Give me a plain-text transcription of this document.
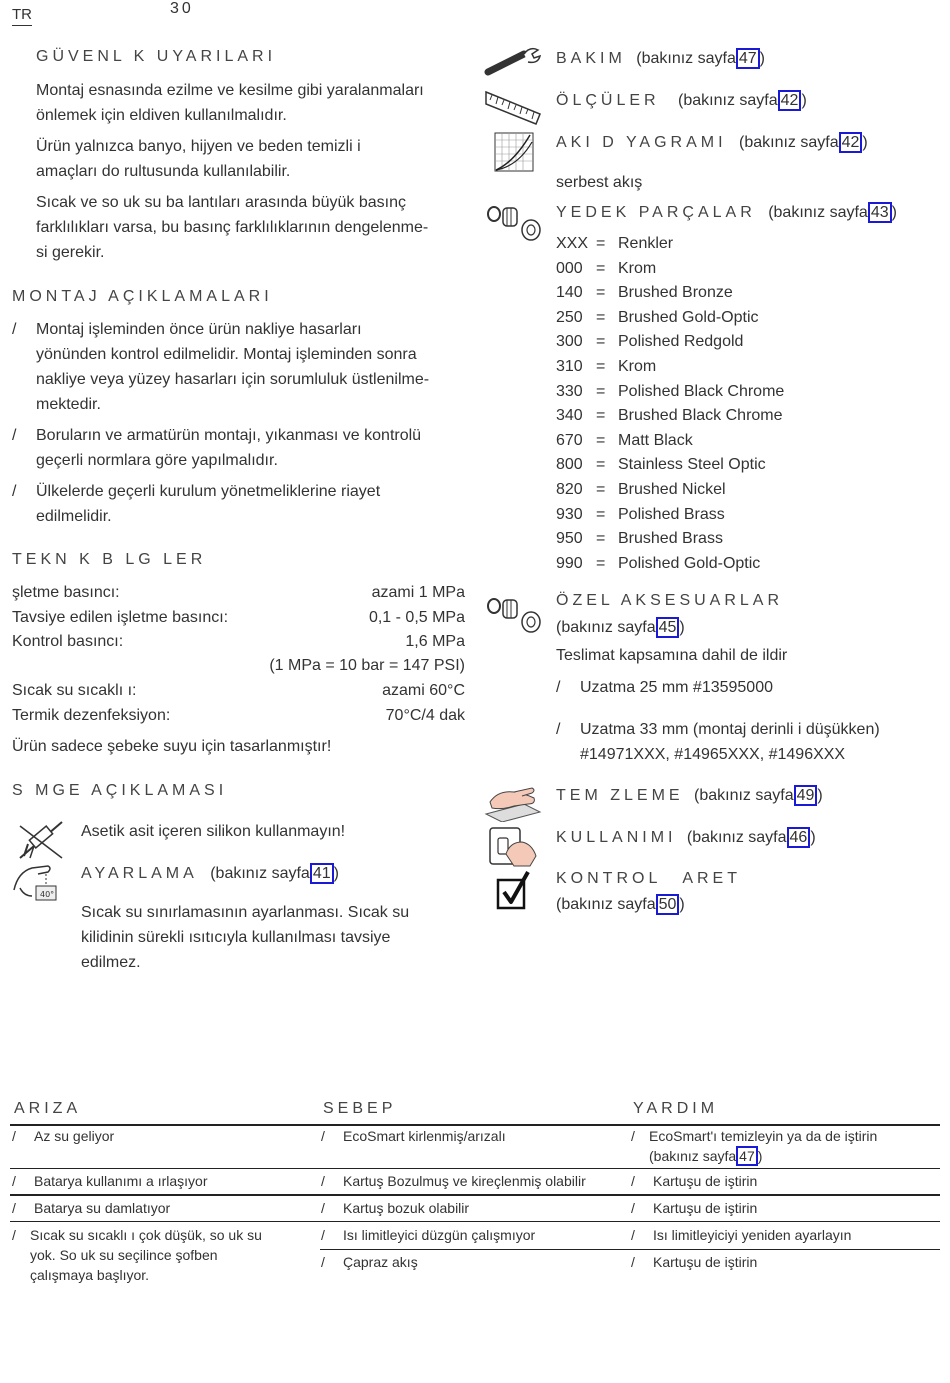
TR	30
GÜVENL K UYARILARI
Montaj esnasında ezilme ve kesilme gibi yaralanmaları
önlemek için eldiven kullanılmalıdır.
Ürün yalnızca banyo, hijyen ve beden temizli i
amaçları do rultusunda kullanılabilir.
Sıcak ve so uk su ba lantıları arasında büyük basınç
farklılıkları varsa, bu basınç farklılıklarının dengelenme-
si gerekir.
MONTAJ AÇIKLAMALARI
/	Montaj işleminden önce ürün nakliye hasarları
yönünden kontrol edilmelidir. Montaj işleminden sonra
nakliye veya yüzey hasarları için sorumluluk üstlenilme-
mektedir.
/	Boruların ve armatürün montajı, yıkanması ve kontrolü
geçerli normlara göre yapılmalıdır.
/	Ülkelerde geçerli kurulum yönetmeliklerine riayet
edilmelidir.
TEKN K B LG LER
şletme basıncı:	azami 1 MPa
Tavsiye edilen işletme basıncı:	0,1 - 0,5 MPa
Kontrol basıncı:	1,6 MPa
(1 MPa = 10 bar = 147 PSI)
Sıcak su sıcaklı ı:	azami 60°C
Termik dezenfeksiyon:	70°C/4 dak
Ürün sadece şebeke suyu için tasarlanmıştır!
S MGE AÇIKLAMASI
Asetik asit içeren silikon kullanmayın!
40°
AYARLAMA (bakınız sayfa 41 )
Sıcak su sınırlamasının ayarlanması. Sıcak su
kilidinin sürekli ısıtıcıyla kullanılması tavsiye
edilmez.
BAKIM (bakınız sayfa 47 )
ÖLÇÜLER (bakınız sayfa 42 )
AKI D YAGRAMI (bakınız sayfa 42 )
serbest akış
YEDEK PARÇALAR (bakınız sayfa 43 )
XXX = Renkler
000 = Krom
140 = Brushed Bronze
250 = Brushed Gold-Optic
300 = Polished Redgold
310 = Krom
330 = Polished Black Chrome
340 = Brushed Black Chrome
670 = Matt Black
800 = Stainless Steel Optic
820 = Brushed Nickel
930 = Polished Brass
950 = Brushed Brass
990 = Polished Gold-Optic
ÖZEL AKSESUARLAR
(bakınız sayfa 45 )
Teslimat kapsamına dahil de ildir
/	Uzatma 25 mm #13595000
/	Uzatma 33 mm (montaj derinli i düşükken)
#14971XXX, #14965XXX, #1496XXX
TEM ZLEME (bakınız sayfa 49 )
KULLANIMI (bakınız sayfa 46 )
KONTROL ARET
(bakınız sayfa 50 )
ARIZA	SEBEP	YARDIM
/ Az su geliyor	/ EcoSmart kirlenmiş/arızalı	/	EcoSmart'ı temizleyin ya da de iştirin
(bakınız sayfa 47 )
/ Batarya kullanımı a ırlaşıyor	/ Kartuş Bozulmuş ve kireçlenmiş olabilir	/ Kartuşu de iştirin
/ Batarya su damlatıyor	/ Kartuş bozuk olabilir	/ Kartuşu de iştirin
/	Sıcak su sıcaklı ı çok düşük, so uk su
yok. So uk su seçilince şofben
çalışmaya başlıyor.
/ Isı limitleyici düzgün çalışmıyor	/ Isı limitleyiciyi yeniden ayarlayın
/ Çapraz akış	/ Kartuşu de iştirin
